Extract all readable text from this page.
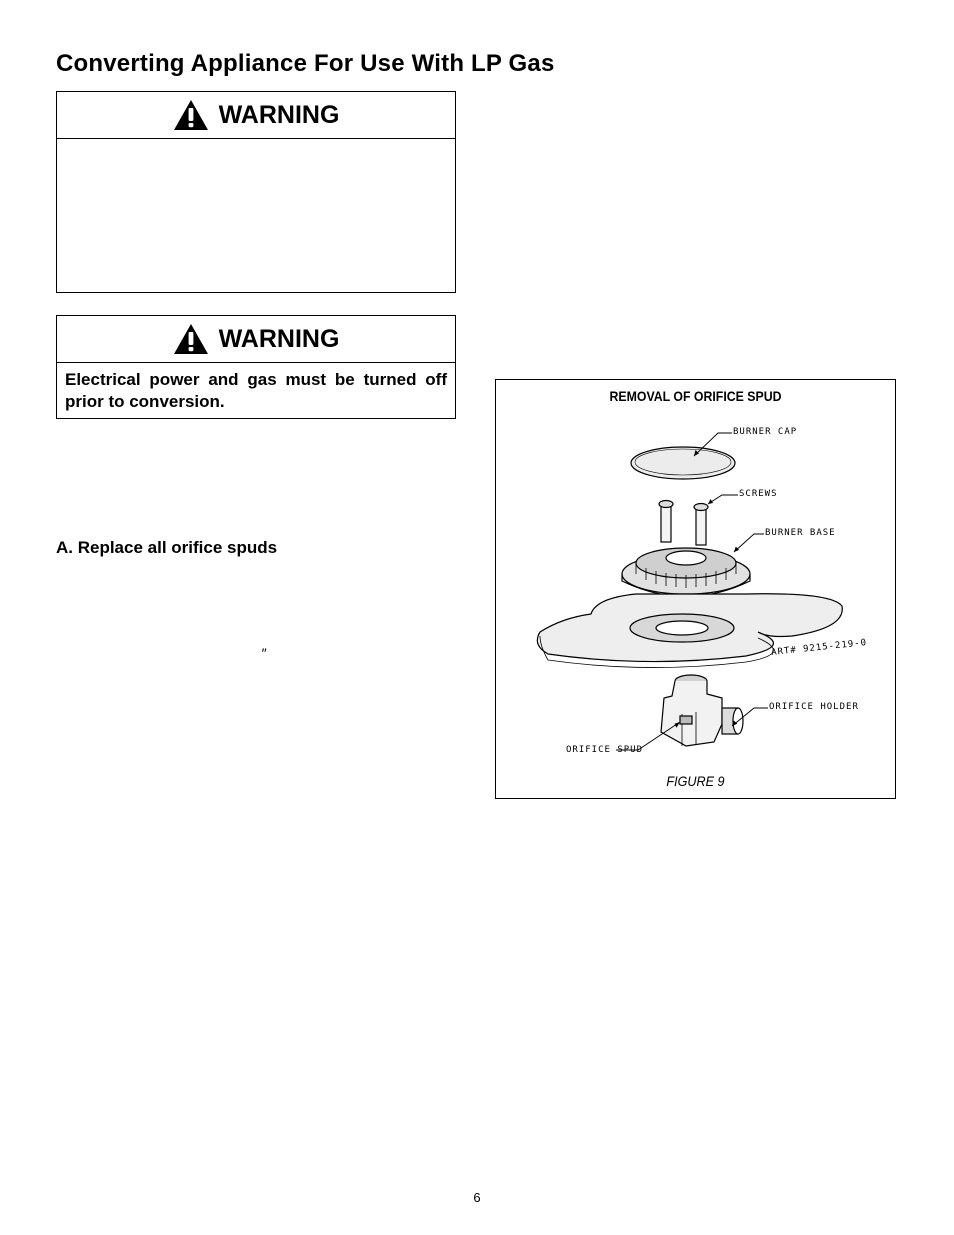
Converting Appliance For Use With LP Gas
WARNING
WARNING
Electrical power and gas must be turned off prior to conversion.
A. Replace all orifice spuds
″
REMOVAL OF ORIFICE SPUD
BURNER CAP
SCREWS
BURNER BASE
ART# 9215-219-0
ORIFICE HOLDER
ORIFICE SPUD
FIGURE 9
6
